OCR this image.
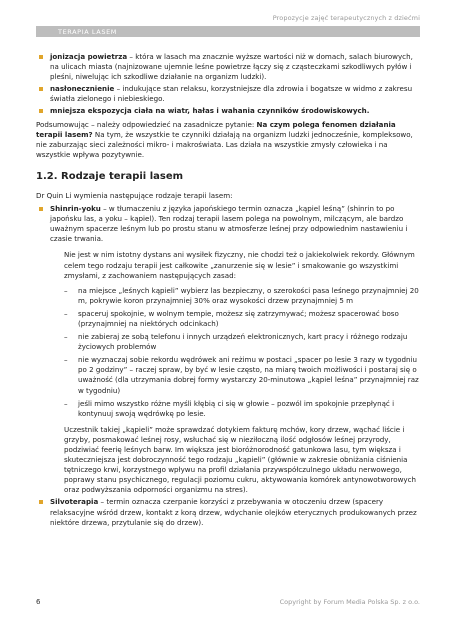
Propozycje zajęć terapeutycznych z dziećmi
TERAPIA LASEM
jonizacja powietrza – która w lasach ma znacznie wyższe wartości niż w domach, salach biurowych, na ulicach miasta (najnizowane ujemnie leśne powietrze łączy się z cząsteczkami szkodliwych pyłów i pleśni, niwelując ich szkodliwe działanie na organizm ludzki).
nasłonecznienie – indukujące stan relaksu, korzystniejsze dla zdrowia i bogatsze w widmo z zakresu światła zielonego i niebieskiego.
mniejsza ekspozycja ciała na wiatr, hałas i wahania czynników środowiskowych.

Podsumowując – należy odpowiedzieć na zasadnicze pytanie: Na czym polega fenomen działania terapii lasem? Na tym, że wszystkie te czynniki działają na organizm ludzki jednocześnie, kompleksowo, nie zaburzając sieci zależności mikro- i makroświata. Las działa na wszystkie zmysły człowieka i na wszystkie wpływa pozytywnie.

1.2. Rodzaje terapii lasem

Dr Quin Li wymienia następujące rodzaje terapii lasem:

Shinrin-yoku – w tłumaczeniu z języka japońskiego termin oznacza „kąpiel leśną” (shinrin to po japońsku las, a yoku – kąpiel). Ten rodzaj terapii lasem polega na powolnym, milczącym, ale bardzo uważnym spacerze leśnym lub po prostu stanu w atmosferze leśnej przy odpowiednim nastawieniu i czasie trwania.

Nie jest w nim istotny dystans ani wysiłek fizyczny, nie chodzi też o jakiekolwiek rekordy. Głównym celem tego rodzaju terapii jest całkowite „zanurzenie się w lesie” i smakowanie go wszystkimi zmysłami, z zachowaniem następujących zasad:

– na miejsce „leśnych kąpieli” wybierz las bezpieczny, o szerokości pasa leśnego przynajmniej 20 m, pokrywie koron przynajmniej 30% oraz wysokości drzew przynajmniej 5 m
– spaceruj spokojnie, w wolnym tempie, możesz się zatrzymywać; możesz spacerować boso (przynajmniej na niektórych odcinkach)
– nie zabieraj ze sobą telefonu i innych urządzeń elektronicznych, kart pracy i różnego rodzaju życiowych problemów
– nie wyznaczaj sobie rekordu wędrówek ani reżimu w postaci „spacer po lesie 3 razy w tygodniu po 2 godziny” – raczej spraw, by być w lesie często, na miarę twoich możliwości i postaraj się o uważność (dla utrzymania dobrej formy wystarczy 20-minutowa „kąpiel leśna” przynajmniej raz w tygodniu)
– jeśli mimo wszystko różne myśli kłębią ci się w głowie – pozwól im spokojnie przepłynąć i kontynuuj swoją wędrówkę po lesie.

Uczestnik takiej „kąpieli” może sprawdzać dotykiem fakturę mchów, kory drzew, wąchać liście i grzyby, posmakować leśnej rosy, wsłuchać się w nieziłoczną ilość odgłosów leśnej przyrody, podziwiać feerię leśnych barw. Im większa jest bioróżnorodność gatunkowa lasu, tym większa i skuteczniejsza jest dobroczynność tego rodzaju „kąpieli” (głównie w zakresie obniżania ciśnienia tętniczego krwi, korzystnego wpływu na profil działania przywspółczulnego układu nerwowego, poprawy stanu psychicznego, regulacji poziomu cukru, aktywowania komórek antynowotworowych oraz podwyższania odporności organizmu na stres).

Silvoterapia – termin oznacza czerpanie korzyści z przebywania w otoczeniu drzew (spacery relaksacyjne wśród drzew, kontakt z korą drzew, wdychanie olejków eterycznych produkowanych przez niektóre drzewa, przytulanie się do drzew).
6	Copyright by Forum Media Polska Sp. z o.o.
